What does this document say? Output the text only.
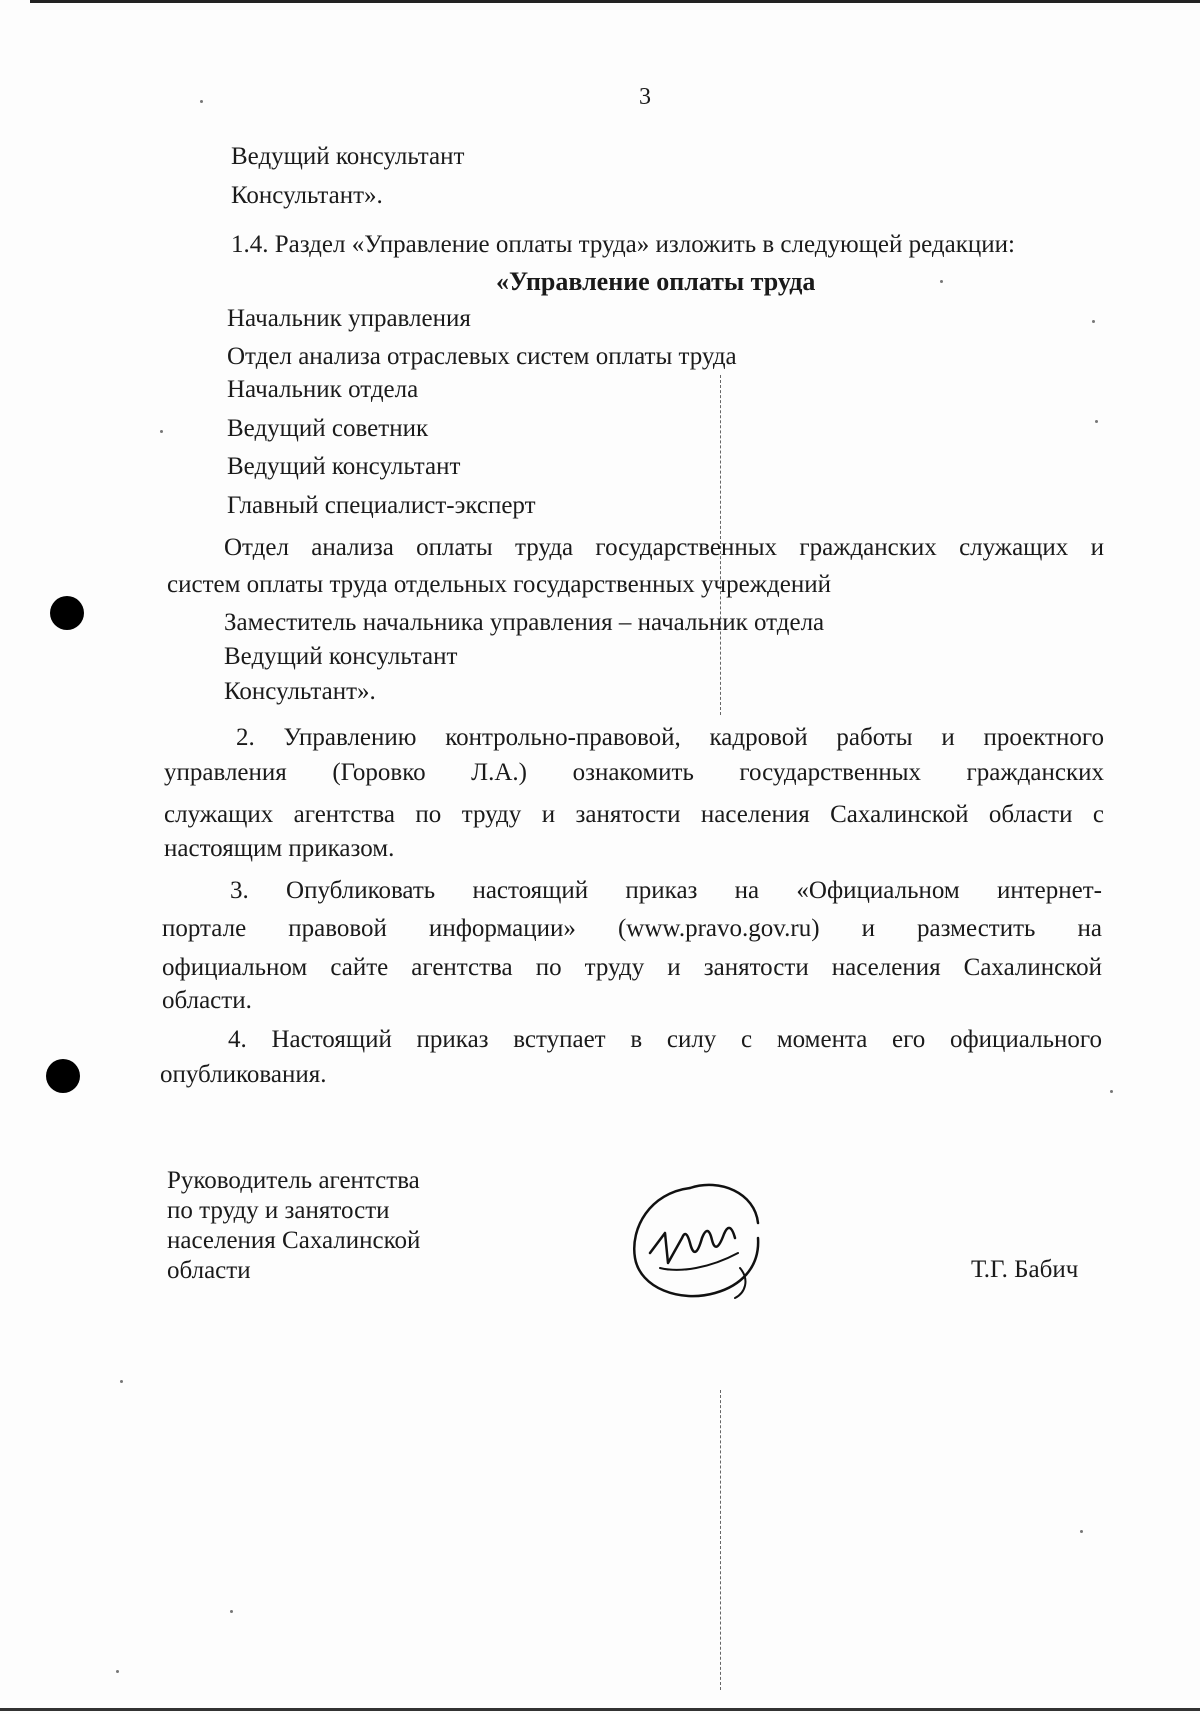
3
Ведущий консультант
Консультант».
1.4. Раздел «Управление оплаты труда» изложить в следующей редакции:
«Управление оплаты труда
Начальник управления
Отдел анализа отраслевых систем оплаты труда
Начальник отдела
Ведущий советник
Ведущий консультант
Главный специалист-эксперт
Отдел анализа оплаты труда государственных гражданских служащих и
систем оплаты труда отдельных государственных учреждений
Заместитель начальника управления – начальник отдела
Ведущий консультант
Консультант».
2. Управлению контрольно-правовой, кадровой работы и проектного
управления (Горовко Л.А.) ознакомить государственных гражданских
служащих агентства по труду и занятости населения Сахалинской области с
настоящим приказом.
3. Опубликовать настоящий приказ на «Официальном интернет-
портале правовой информации» (www.pravo.gov.ru) и разместить на
официальном сайте агентства по труду и занятости населения Сахалинской
области.
4. Настоящий приказ вступает в силу с момента его официального
опубликования.
Руководитель агентства
по труду и занятости
населения Сахалинской
области	Т.Г. Бабич
